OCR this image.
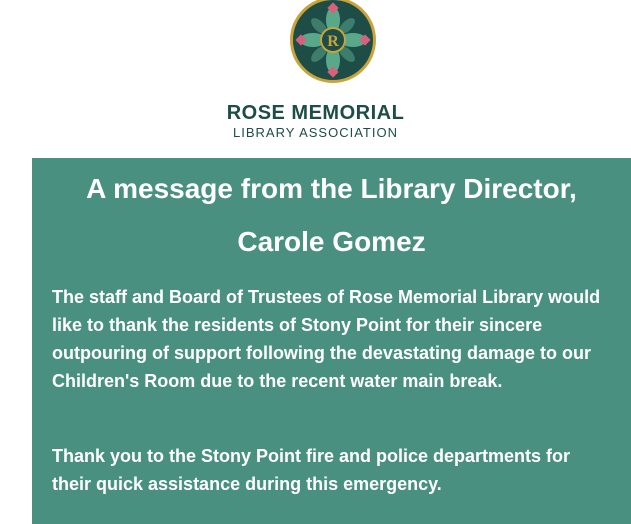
R
ROSE MEMORIAL
LIBRARY ASSOCIATION
A message from the Library Director,
Carole Gomez

The staff and Board of Trustees of Rose Memorial Library would like to thank the residents of Stony Point for their sincere outpouring of support following the devastating damage to our Children's Room due to the recent water main break.

Thank you to the Stony Point fire and police departments for their quick assistance during this emergency.
